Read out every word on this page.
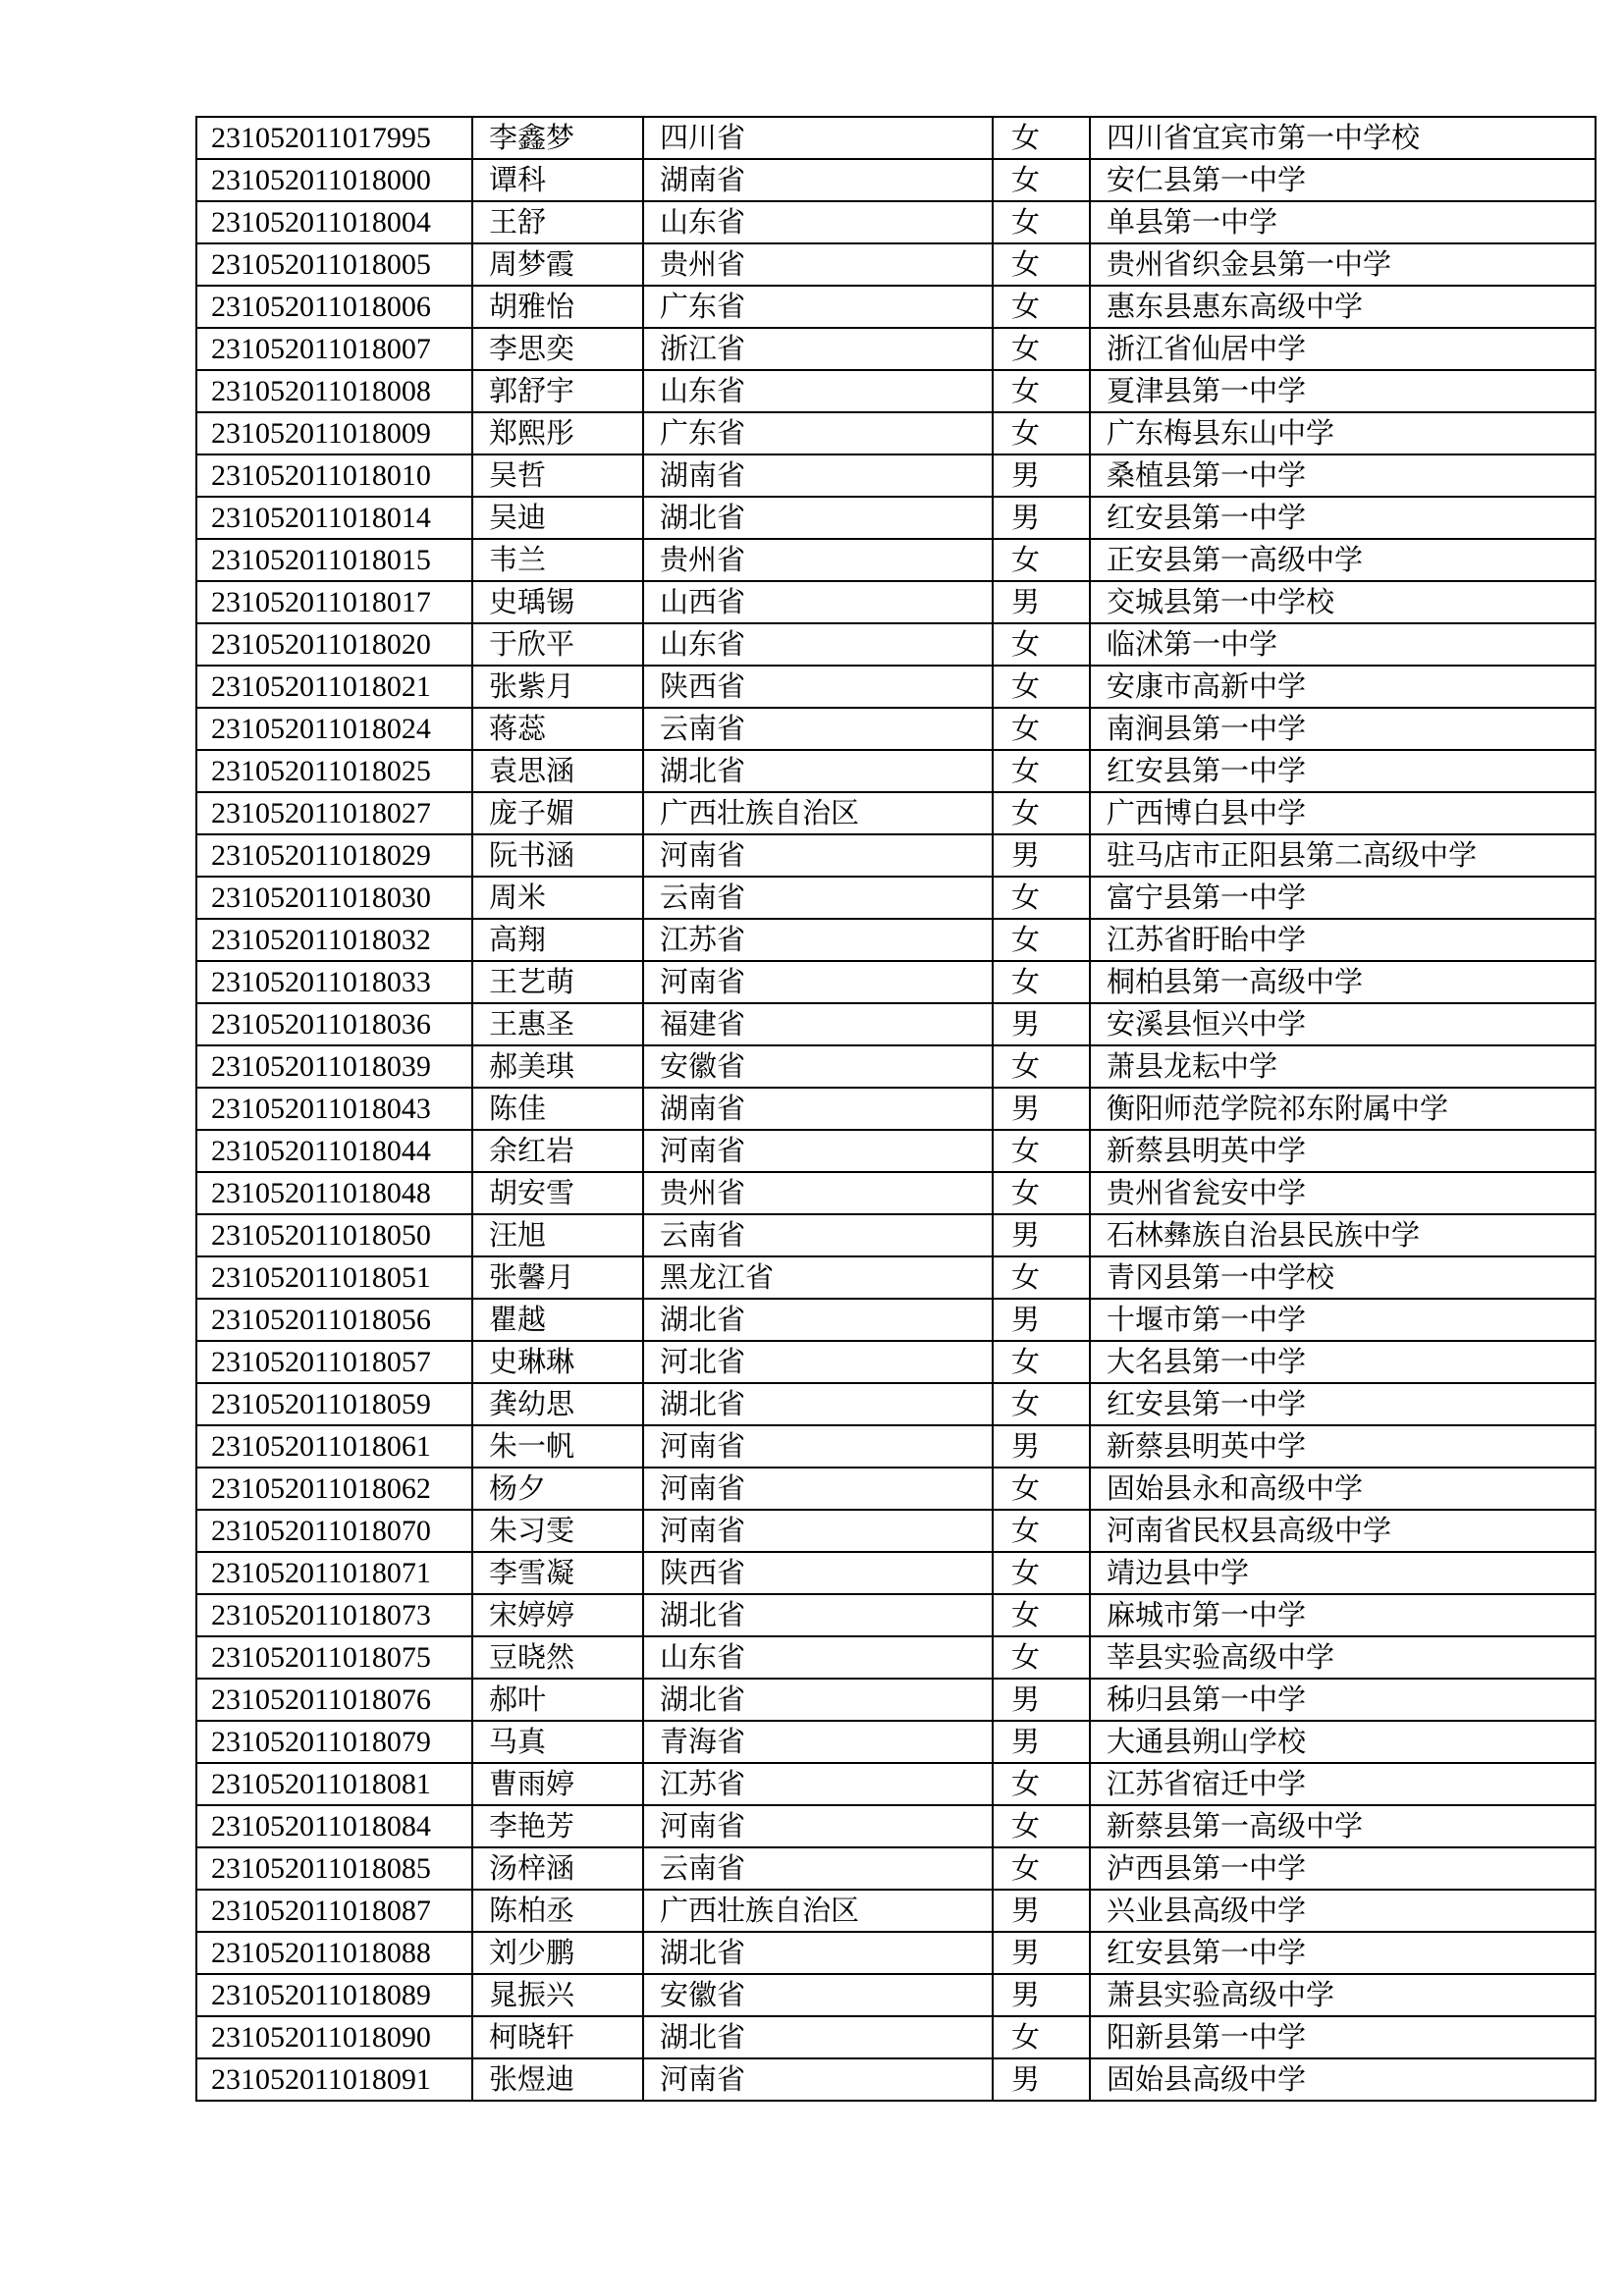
231052011017995	李鑫梦	四川省	女	四川省宜宾市第一中学校
231052011018000	谭科	湖南省	女	安仁县第一中学
231052011018004	王舒	山东省	女	单县第一中学
231052011018005	周梦霞	贵州省	女	贵州省织金县第一中学
231052011018006	胡雅怡	广东省	女	惠东县惠东高级中学
231052011018007	李思奕	浙江省	女	浙江省仙居中学
231052011018008	郭舒宇	山东省	女	夏津县第一中学
231052011018009	郑熙彤	广东省	女	广东梅县东山中学
231052011018010	吴哲	湖南省	男	桑植县第一中学
231052011018014	吴迪	湖北省	男	红安县第一中学
231052011018015	韦兰	贵州省	女	正安县第一高级中学
231052011018017	史瑀锡	山西省	男	交城县第一中学校
231052011018020	于欣平	山东省	女	临沭第一中学
231052011018021	张紫月	陕西省	女	安康市高新中学
231052011018024	蒋蕊	云南省	女	南涧县第一中学
231052011018025	袁思涵	湖北省	女	红安县第一中学
231052011018027	庞子媚	广西壮族自治区	女	广西博白县中学
231052011018029	阮书涵	河南省	男	驻马店市正阳县第二高级中学
231052011018030	周米	云南省	女	富宁县第一中学
231052011018032	高翔	江苏省	女	江苏省盱眙中学
231052011018033	王艺萌	河南省	女	桐柏县第一高级中学
231052011018036	王惠圣	福建省	男	安溪县恒兴中学
231052011018039	郝美琪	安徽省	女	萧县龙耘中学
231052011018043	陈佳	湖南省	男	衡阳师范学院祁东附属中学
231052011018044	余红岩	河南省	女	新蔡县明英中学
231052011018048	胡安雪	贵州省	女	贵州省瓮安中学
231052011018050	汪旭	云南省	男	石林彝族自治县民族中学
231052011018051	张馨月	黑龙江省	女	青冈县第一中学校
231052011018056	瞿越	湖北省	男	十堰市第一中学
231052011018057	史琳琳	河北省	女	大名县第一中学
231052011018059	龚幼思	湖北省	女	红安县第一中学
231052011018061	朱一帆	河南省	男	新蔡县明英中学
231052011018062	杨夕	河南省	女	固始县永和高级中学
231052011018070	朱习雯	河南省	女	河南省民权县高级中学
231052011018071	李雪凝	陕西省	女	靖边县中学
231052011018073	宋婷婷	湖北省	女	麻城市第一中学
231052011018075	豆晓然	山东省	女	莘县实验高级中学
231052011018076	郝叶	湖北省	男	秭归县第一中学
231052011018079	马真	青海省	男	大通县朔山学校
231052011018081	曹雨婷	江苏省	女	江苏省宿迁中学
231052011018084	李艳芳	河南省	女	新蔡县第一高级中学
231052011018085	汤梓涵	云南省	女	泸西县第一中学
231052011018087	陈柏丞	广西壮族自治区	男	兴业县高级中学
231052011018088	刘少鹏	湖北省	男	红安县第一中学
231052011018089	晁振兴	安徽省	男	萧县实验高级中学
231052011018090	柯晓轩	湖北省	女	阳新县第一中学
231052011018091	张煜迪	河南省	男	固始县高级中学
